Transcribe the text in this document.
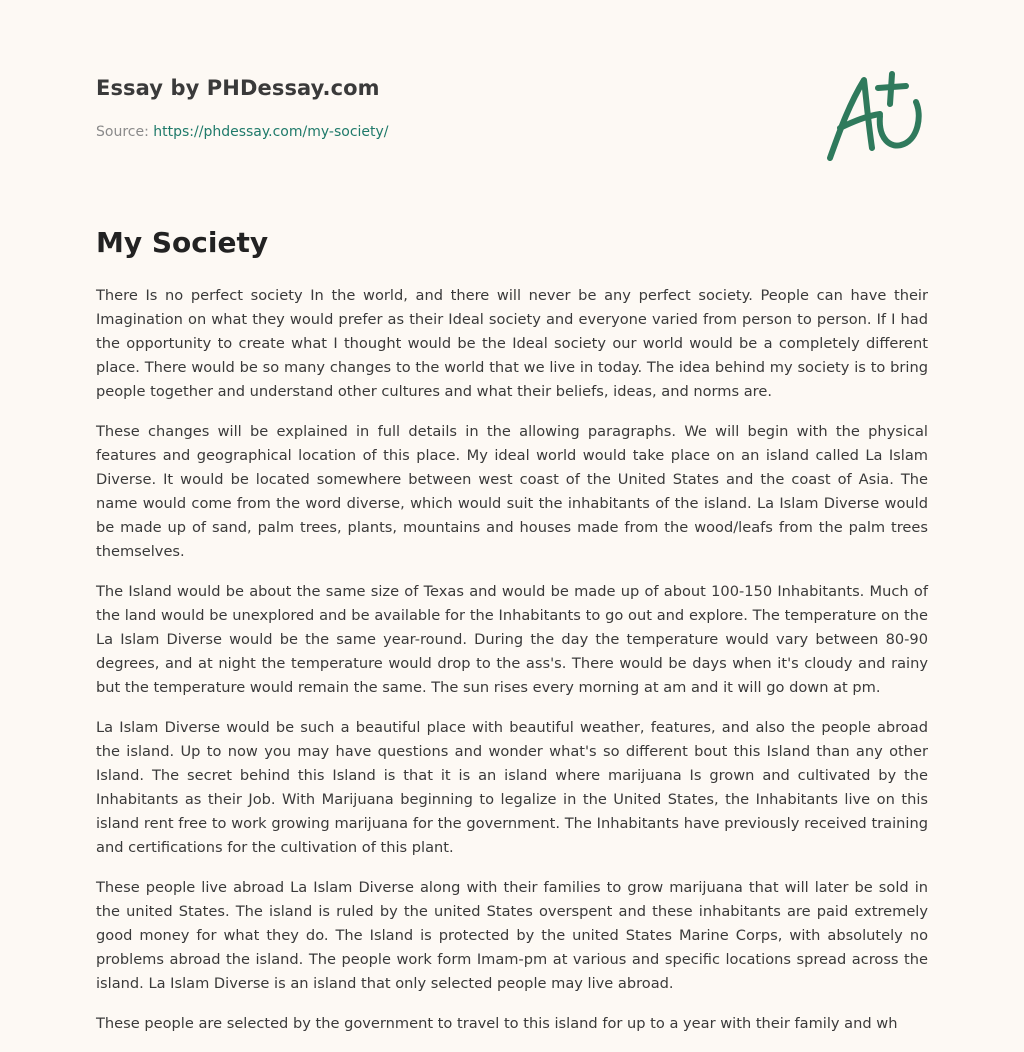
Essay by PHDessay.com

Source: https://phdessay.com/my-society/

My Society

There Is no perfect society In the world, and there will never be any perfect society. People can have their Imagination on what they would prefer as their Ideal society and everyone varied from person to person. If I had the opportunity to create what I thought would be the Ideal society our world would be a completely different place. There would be so many changes to the world that we live in today. The idea behind my society is to bring people together and understand other cultures and what their beliefs, ideas, and norms are.

These changes will be explained in full details in the allowing paragraphs. We will begin with the physical features and geographical location of this place. My ideal world would take place on an island called La Islam Diverse. It would be located somewhere between west coast of the United States and the coast of Asia. The name would come from the word diverse, which would suit the inhabitants of the island. La Islam Diverse would be made up of sand, palm trees, plants, mountains and houses made from the wood/leafs from the palm trees themselves.

The Island would be about the same size of Texas and would be made up of about 100-150 Inhabitants. Much of the land would be unexplored and be available for the Inhabitants to go out and explore. The temperature on the La Islam Diverse would be the same year-round. During the day the temperature would vary between 80-90 degrees, and at night the temperature would drop to the ass's. There would be days when it's cloudy and rainy but the temperature would remain the same. The sun rises every morning at am and it will go down at pm.

La Islam Diverse would be such a beautiful place with beautiful weather, features, and also the people abroad the island. Up to now you may have questions and wonder what's so different bout this Island than any other Island. The secret behind this Island is that it is an island where marijuana Is grown and cultivated by the Inhabitants as their Job. With Marijuana beginning to legalize in the United States, the Inhabitants live on this island rent free to work growing marijuana for the government. The Inhabitants have previously received training and certifications for the cultivation of this plant.

These people live abroad La Islam Diverse along with their families to grow marijuana that will later be sold in the united States. The island is ruled by the united States overspent and these inhabitants are paid extremely good money for what they do. The Island is protected by the united States Marine Corps, with absolutely no problems abroad the island. The people work form Imam-pm at various and specific locations spread across the island. La Islam Diverse is an island that only selected people may live abroad.

These people are selected by the government to travel to this island for up to a year with their family and wh
